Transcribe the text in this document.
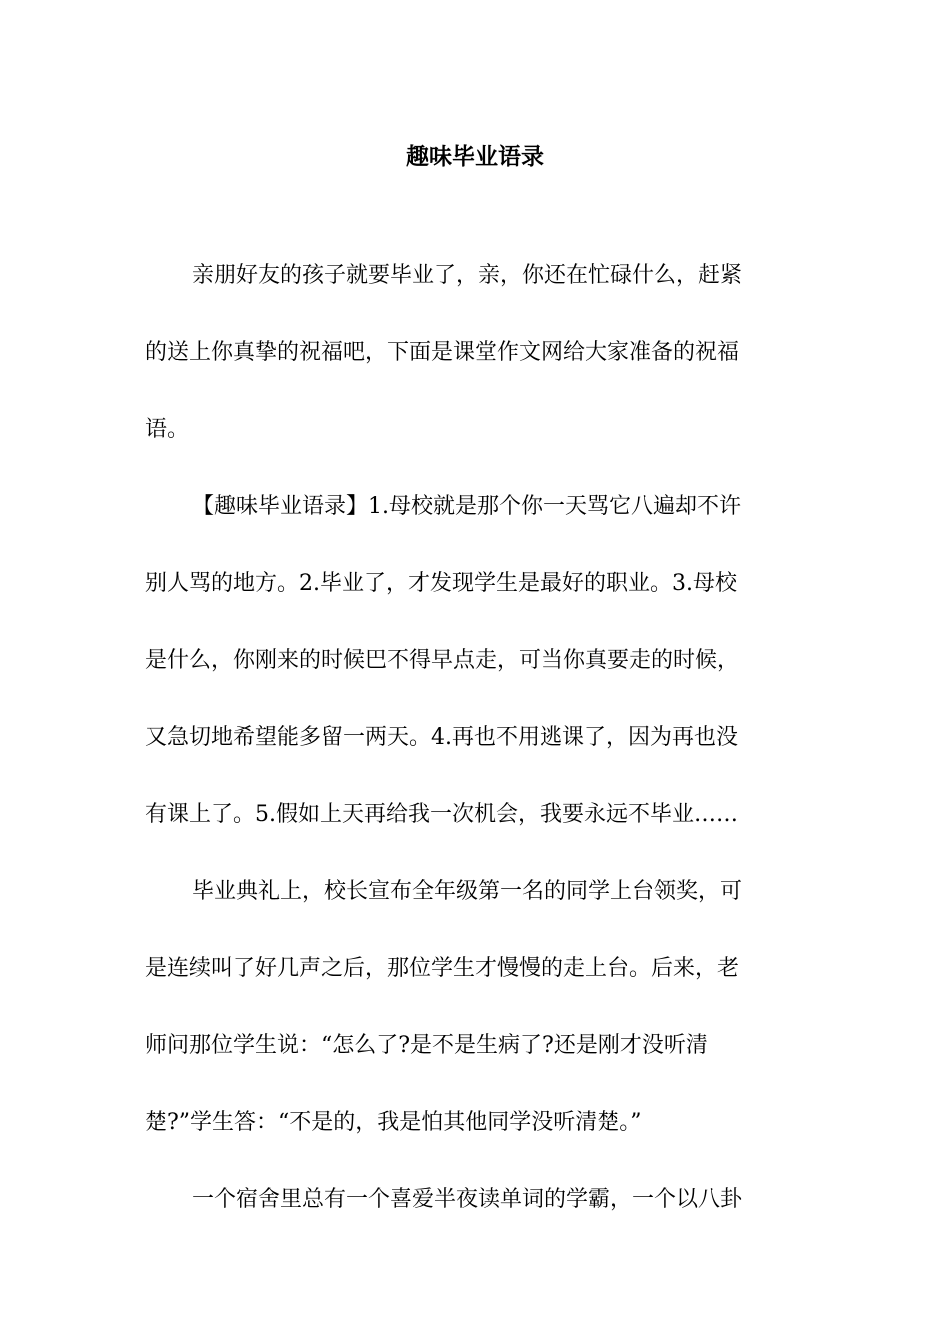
趣味毕业语录
亲朋好友的孩子就要毕业了，亲，你还在忙碌什么，赶紧
的送上你真挚的祝福吧，下面是课堂作文网给大家准备的祝福
语。
【趣味毕业语录】1.母校就是那个你一天骂它八遍却不许
别人骂的地方。2.毕业了，才发现学生是最好的职业。3.母校
是什么，你刚来的时候巴不得早点走，可当你真要走的时候，
又急切地希望能多留一两天。4.再也不用逃课了，因为再也没
有课上了。5.假如上天再给我一次机会，我要永远不毕业……
毕业典礼上，校长宣布全年级第一名的同学上台领奖，可
是连续叫了好几声之后，那位学生才慢慢的走上台。后来，老
师问那位学生说：“怎么了?是不是生病了?还是刚才没听清
楚?”学生答：“不是的，我是怕其他同学没听清楚。”
一个宿舍里总有一个喜爱半夜读单词的学霸，一个以八卦
